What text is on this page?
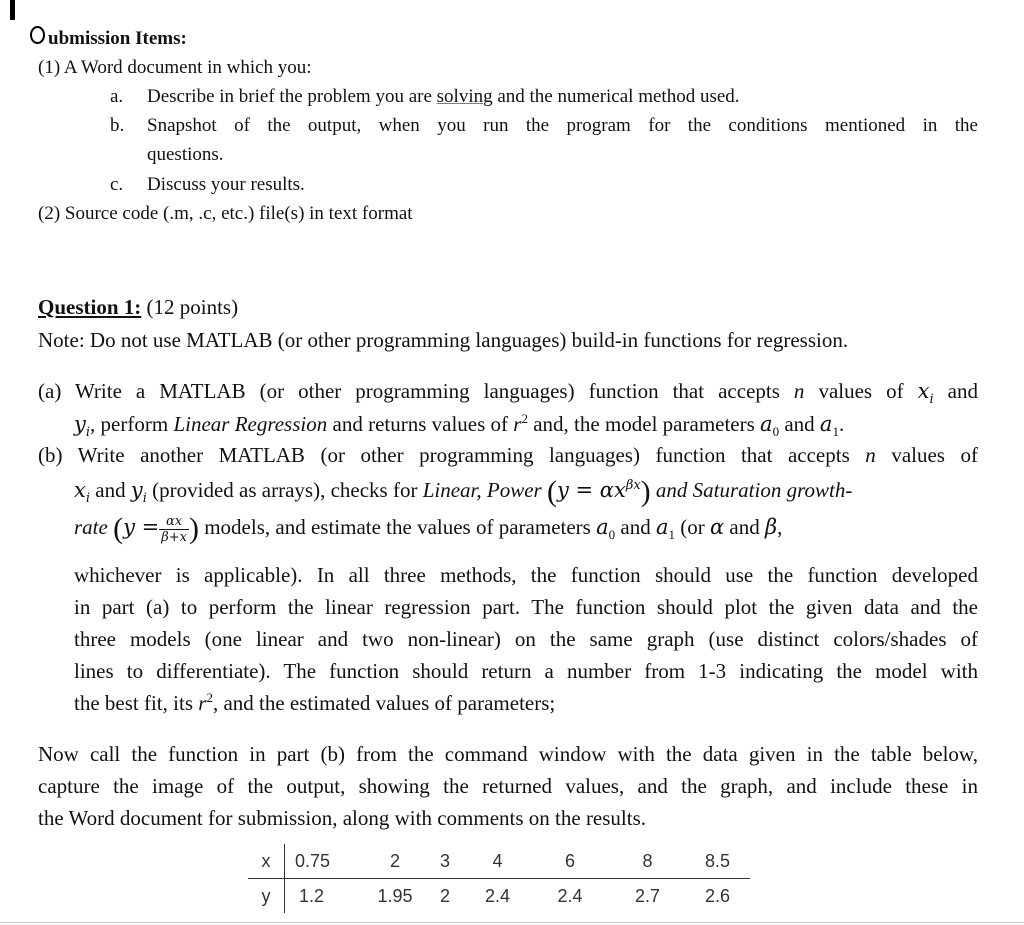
ubmission Items:
(1) A Word document in which you:
a. Describe in brief the problem you are solving and the numerical method used.
b. Snapshot of the output, when you run the program for the conditions mentioned in the
questions.
c. Discuss your results.
(2) Source code (.m, .c, etc.) file(s) in text format
Question 1: (12 points)
Note: Do not use MATLAB (or other programming languages) build-in functions for regression.
(a) Write a MATLAB (or other programming languages) function that accepts n values of $x_i$ and
$y_i$, perform Linear Regression and returns values of $r^2$ and, the model parameters $a_0$ and $a_1$.
(b) Write another MATLAB (or other programming languages) function that accepts n values of
$x_i$ and $y_i$ (provided as arrays), checks for Linear, Power $(y = \alpha x^{\beta x})$ and Saturation growth-
rate ($y = \frac{\alpha x}{\beta+x}$ ) models, and estimate the values of parameters $a_0$ and $a_1$ (or α and β,
whichever is applicable). In all three methods, the function should use the function developed
in part (a) to perform the linear regression part. The function should plot the given data and the
three models (one linear and two non-linear) on the same graph (use distinct colors/shades of
lines to differentiate). The function should return a number from 1-3 indicating the model with
the best fit, its $r^2$, and the estimated values of parameters;
Now call the function in part (b) from the command window with the data given in the table below,
capture the image of the output, showing the returned values, and the graph, and include these in
the Word document for submission, along with comments on the results.
x	0.75	2	3	4	6	8	8.5
y	1.2	1.95	2	2.4	2.4	2.7	2.6
